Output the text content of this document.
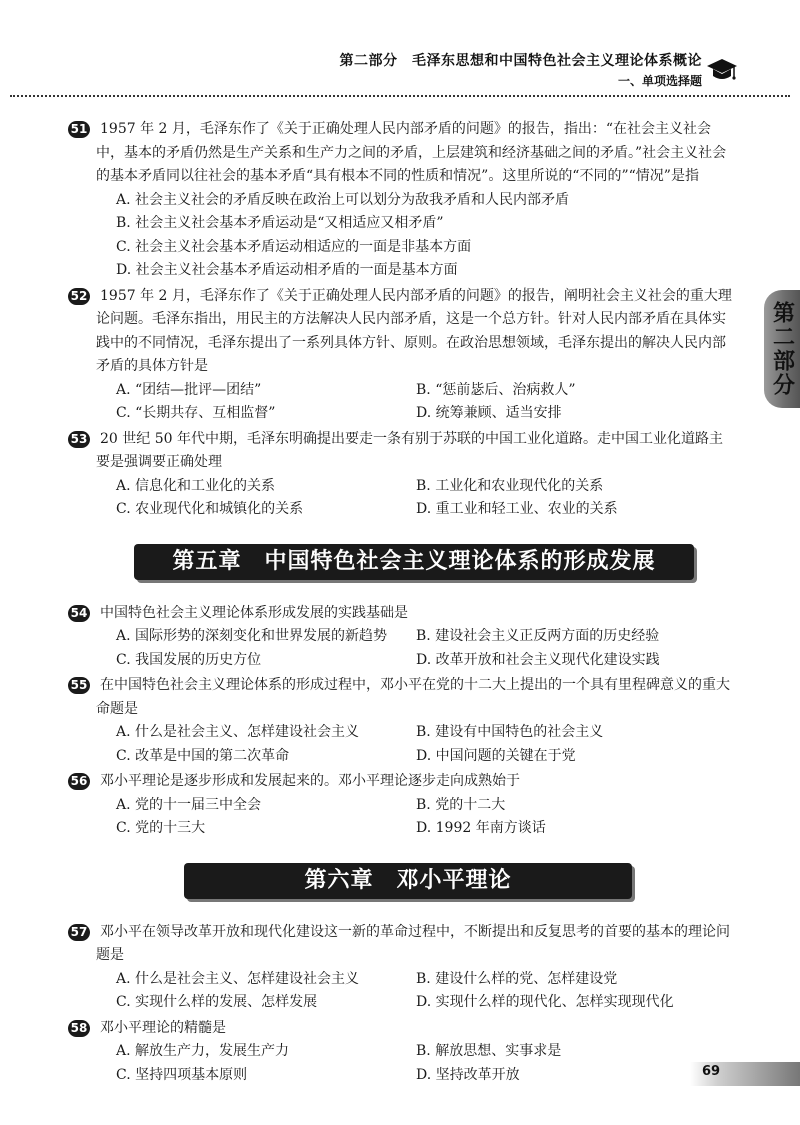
第二部分　毛泽东思想和中国特色社会主义理论体系概论
一、单项选择题
第二部分
51 1957 年 2 月，毛泽东作了《关于正确处理人民内部矛盾的问题》的报告，指出：“在社会主义社会中，基本的矛盾仍然是生产关系和生产力之间的矛盾，上层建筑和经济基础之间的矛盾。”社会主义社会的基本矛盾同以往社会的基本矛盾“具有根本不同的性质和情况”。这里所说的“不同的”“情况”是指
A. 社会主义社会的矛盾反映在政治上可以划分为敌我矛盾和人民内部矛盾
B. 社会主义社会基本矛盾运动是“又相适应又相矛盾”
C. 社会主义社会基本矛盾运动相适应的一面是非基本方面
D. 社会主义社会基本矛盾运动相矛盾的一面是基本方面
52 1957 年 2 月，毛泽东作了《关于正确处理人民内部矛盾的问题》的报告，阐明社会主义社会的重大理论问题。毛泽东指出，用民主的方法解决人民内部矛盾，这是一个总方针。针对人民内部矛盾在具体实践中的不同情况，毛泽东提出了一系列具体方针、原则。在政治思想领域，毛泽东提出的解决人民内部矛盾的具体方针是
A. “团结—批评—团结”	B. “惩前毖后、治病救人”
C. “长期共存、互相监督”	D. 统筹兼顾、适当安排
53 20 世纪 50 年代中期，毛泽东明确提出要走一条有别于苏联的中国工业化道路。走中国工业化道路主要是强调要正确处理
A. 信息化和工业化的关系	B. 工业化和农业现代化的关系
C. 农业现代化和城镇化的关系	D. 重工业和轻工业、农业的关系
第五章　中国特色社会主义理论体系的形成发展
54 中国特色社会主义理论体系形成发展的实践基础是
A. 国际形势的深刻变化和世界发展的新趋势	B. 建设社会主义正反两方面的历史经验
C. 我国发展的历史方位	D. 改革开放和社会主义现代化建设实践
55 在中国特色社会主义理论体系的形成过程中，邓小平在党的十二大上提出的一个具有里程碑意义的重大命题是
A. 什么是社会主义、怎样建设社会主义	B. 建设有中国特色的社会主义
C. 改革是中国的第二次革命	D. 中国问题的关键在于党
56 邓小平理论是逐步形成和发展起来的。邓小平理论逐步走向成熟始于
A. 党的十一届三中全会	B. 党的十二大
C. 党的十三大	D. 1992 年南方谈话
第六章　邓小平理论
57 邓小平在领导改革开放和现代化建设这一新的革命过程中，不断提出和反复思考的首要的基本的理论问题是
A. 什么是社会主义、怎样建设社会主义	B. 建设什么样的党、怎样建设党
C. 实现什么样的发展、怎样发展	D. 实现什么样的现代化、怎样实现现代化
58 邓小平理论的精髓是
A. 解放生产力，发展生产力	B. 解放思想、实事求是
C. 坚持四项基本原则	D. 坚持改革开放	69
